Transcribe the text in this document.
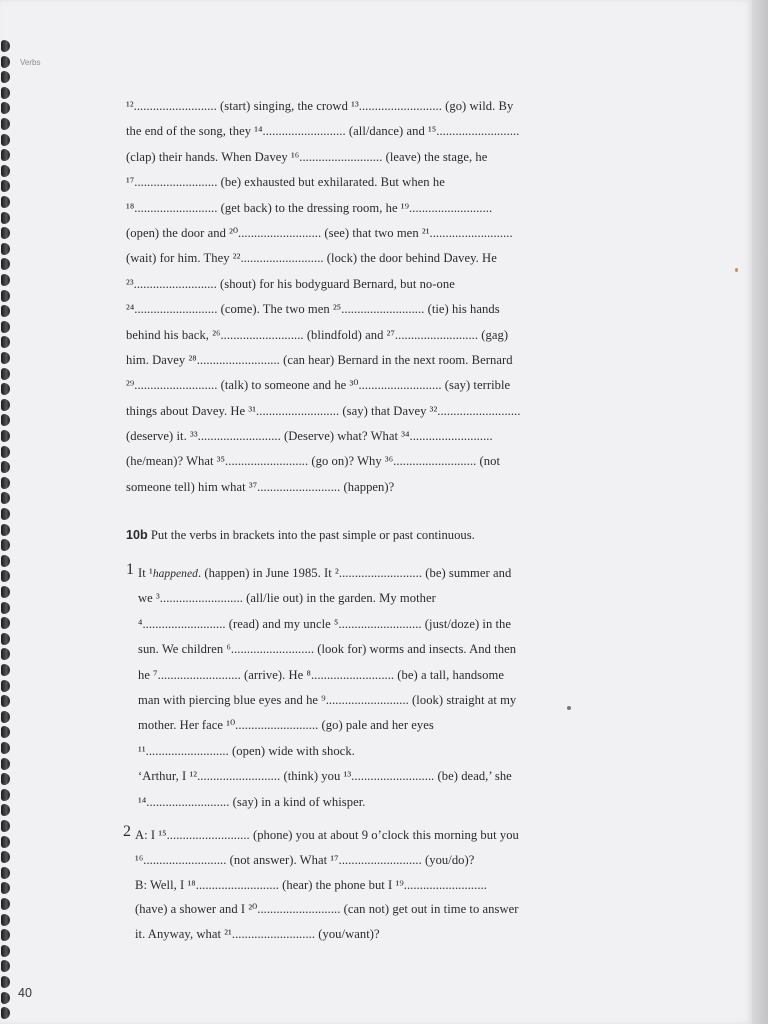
Verbs
¹².......................... (start) singing, the crowd ¹³.......................... (go) wild. By
the end of the song, they ¹⁴.......................... (all/dance) and ¹⁵..........................
(clap) their hands. When Davey ¹⁶.......................... (leave) the stage, he
¹⁷.......................... (be) exhausted but exhilarated. But when he
¹⁸.......................... (get back) to the dressing room, he ¹⁹..........................
(open) the door and ²⁰.......................... (see) that two men ²¹..........................
(wait) for him. They ²².......................... (lock) the door behind Davey. He
²³.......................... (shout) for his bodyguard Bernard, but no-one
²⁴.......................... (come). The two men ²⁵.......................... (tie) his hands
behind his back, ²⁶.......................... (blindfold) and ²⁷.......................... (gag)
him. Davey ²⁸.......................... (can hear) Bernard in the next room. Bernard
²⁹.......................... (talk) to someone and he ³⁰.......................... (say) terrible
things about Davey. He ³¹.......................... (say) that Davey ³²..........................
(deserve) it. ³³.......................... (Deserve) what? What ³⁴..........................
(he/mean)? What ³⁵.......................... (go on)? Why ³⁶.......................... (not
someone tell) him what ³⁷.......................... (happen)?
10b Put the verbs in brackets into the past simple or past continuous.
1 It ¹happened. (happen) in June 1985. It ².......................... (be) summer and
we ³.......................... (all/lie out) in the garden. My mother
⁴.......................... (read) and my uncle ⁵.......................... (just/doze) in the
sun. We children ⁶.......................... (look for) worms and insects. And then
he ⁷.......................... (arrive). He ⁸.......................... (be) a tall, handsome
man with piercing blue eyes and he ⁹.......................... (look) straight at my
mother. Her face ¹⁰.......................... (go) pale and her eyes
¹¹.......................... (open) wide with shock.
‘Arthur, I ¹².......................... (think) you ¹³.......................... (be) dead,’ she
¹⁴.......................... (say) in a kind of whisper.
2 A: I ¹⁵.......................... (phone) you at about 9 o’clock this morning but you
¹⁶.......................... (not answer). What ¹⁷.......................... (you/do)?
B: Well, I ¹⁸.......................... (hear) the phone but I ¹⁹..........................
(have) a shower and I ²⁰.......................... (can not) get out in time to answer
it. Anyway, what ²¹.......................... (you/want)?
40
